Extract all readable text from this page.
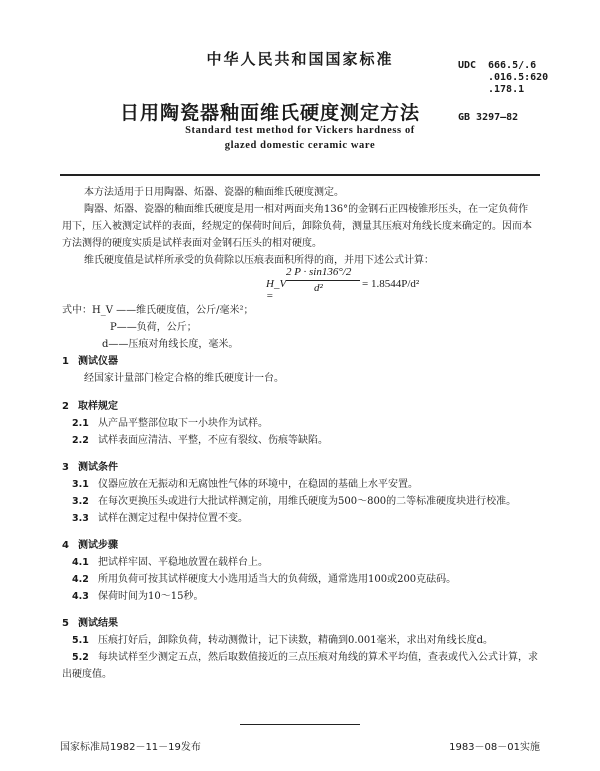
中华人民共和国国家标准	UDC 666.5/.6
.016.5:620
.178.1
GB 3297—82
日用陶瓷器釉面维氏硬度测定方法
Standard test method for Vickers hardness of
glazed domestic ceramic ware
本方法适用于日用陶器、炻器、瓷器的釉面维氏硬度测定。
陶器、炻器、瓷器的釉面维氏硬度是用一相对两面夹角136°的金钢石正四棱锥形压头，在一定负荷作用下，压入被测定试样的表面，经规定的保荷时间后，卸除负荷，测量其压痕对角线长度来确定的。因而本方法测得的硬度实质是试样表面对金钢石压头的相对硬度。
维氏硬度值是试样所承受的负荷除以压痕表面积所得的商，并用下述公式计算：
H_V =
2 P · sin136°/2
d²	= 1.8544P/d²
式中：H_V ——维氏硬度值，公斤/毫米²；
P——负荷，公斤；
d——压痕对角线长度，毫米。
1 测试仪器
经国家计量部门检定合格的维氏硬度计一台。
2 取样规定
2.1 从产品平整部位取下一小块作为试样。
2.2 试样表面应清洁、平整，不应有裂纹、伤痕等缺陷。
3 测试条件
3.1 仪器应放在无振动和无腐蚀性气体的环境中，在稳固的基础上水平安置。
3.2 在每次更换压头或进行大批试样测定前，用维氏硬度为500～800的二等标准硬度块进行校准。
3.3 试样在测定过程中保持位置不变。
4 测试步骤
4.1 把试样牢固、平稳地放置在载样台上。
4.2 所用负荷可按其试样硬度大小选用适当大的负荷级，通常选用100或200克砝码。
4.3 保荷时间为10～15秒。
5 测试结果
5.1 压痕打好后，卸除负荷，转动测微计，记下读数，精确到0.001毫米，求出对角线长度d。
5.2 每块试样至少测定五点，然后取数值接近的三点压痕对角线的算术平均值，查表或代入公式计算，求出硬度值。
国家标准局1982－11－19发布	1983－08－01实施
